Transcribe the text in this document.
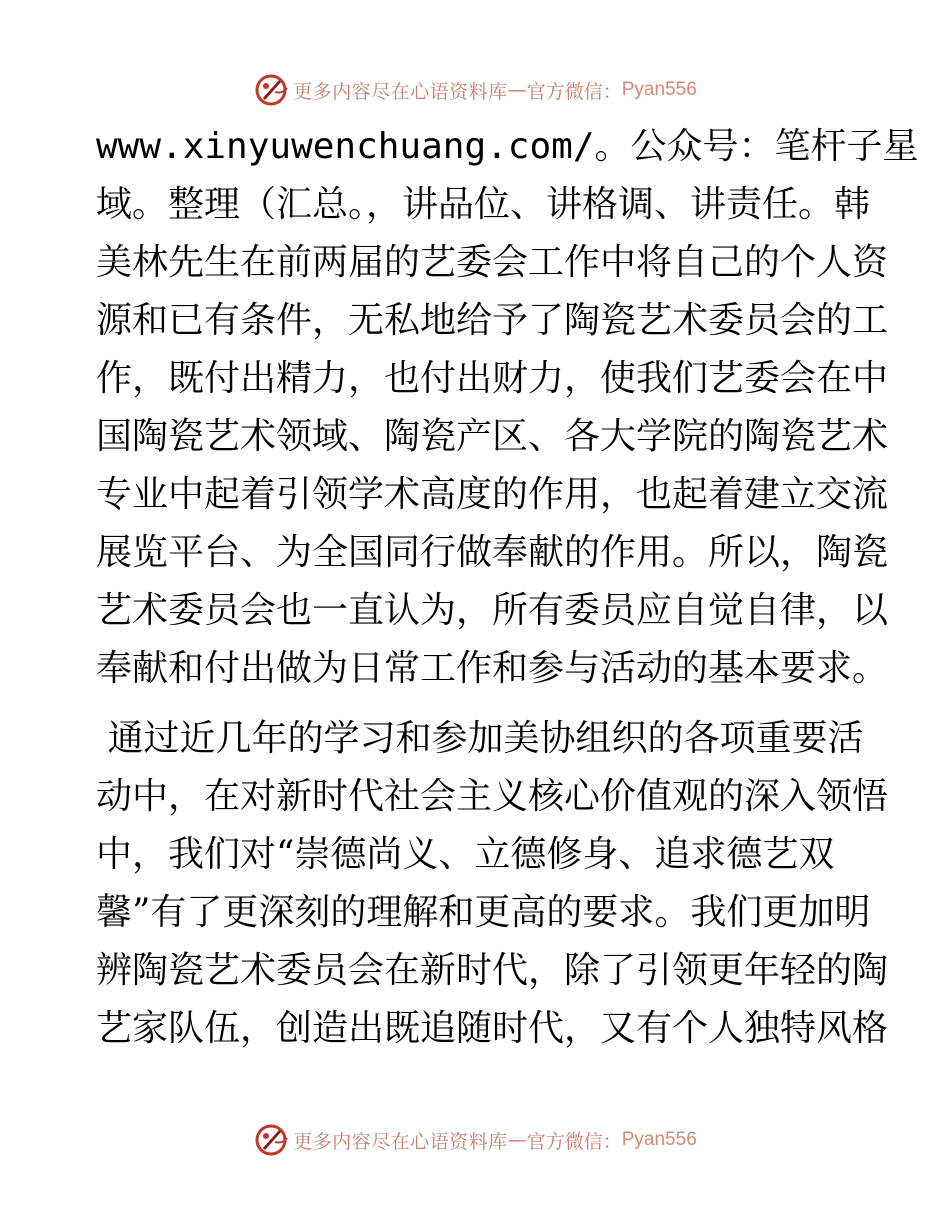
更多内容尽在心语资料库 — 官方微信： Pyan556
www.xinyuwenchuang.com/。公众号：笔杆子星
域。整理（汇总。，讲品位、讲格调、讲责任。韩
美林先生在前两届的艺委会工作中将自己的个人资
源和已有条件，无私地给予了陶瓷艺术委员会的工
作，既付出精力，也付出财力，使我们艺委会在中
国陶瓷艺术领域、陶瓷产区、各大学院的陶瓷艺术
专业中起着引领学术高度的作用，也起着建立交流
展览平台、为全国同行做奉献的作用。所以，陶瓷
艺术委员会也一直认为，所有委员应自觉自律，以
奉献和付出做为日常工作和参与活动的基本要求。
通过近几年的学习和参加美协组织的各项重要活
动中，在对新时代社会主义核心价值观的深入领悟
中，我们对“崇德尚义、立德修身、追求德艺双
馨”有了更深刻的理解和更高的要求。我们更加明
辨陶瓷艺术委员会在新时代，除了引领更年轻的陶
艺家队伍，创造出既追随时代，又有个人独特风格
更多内容尽在心语资料库 — 官方微信： Pyan556
